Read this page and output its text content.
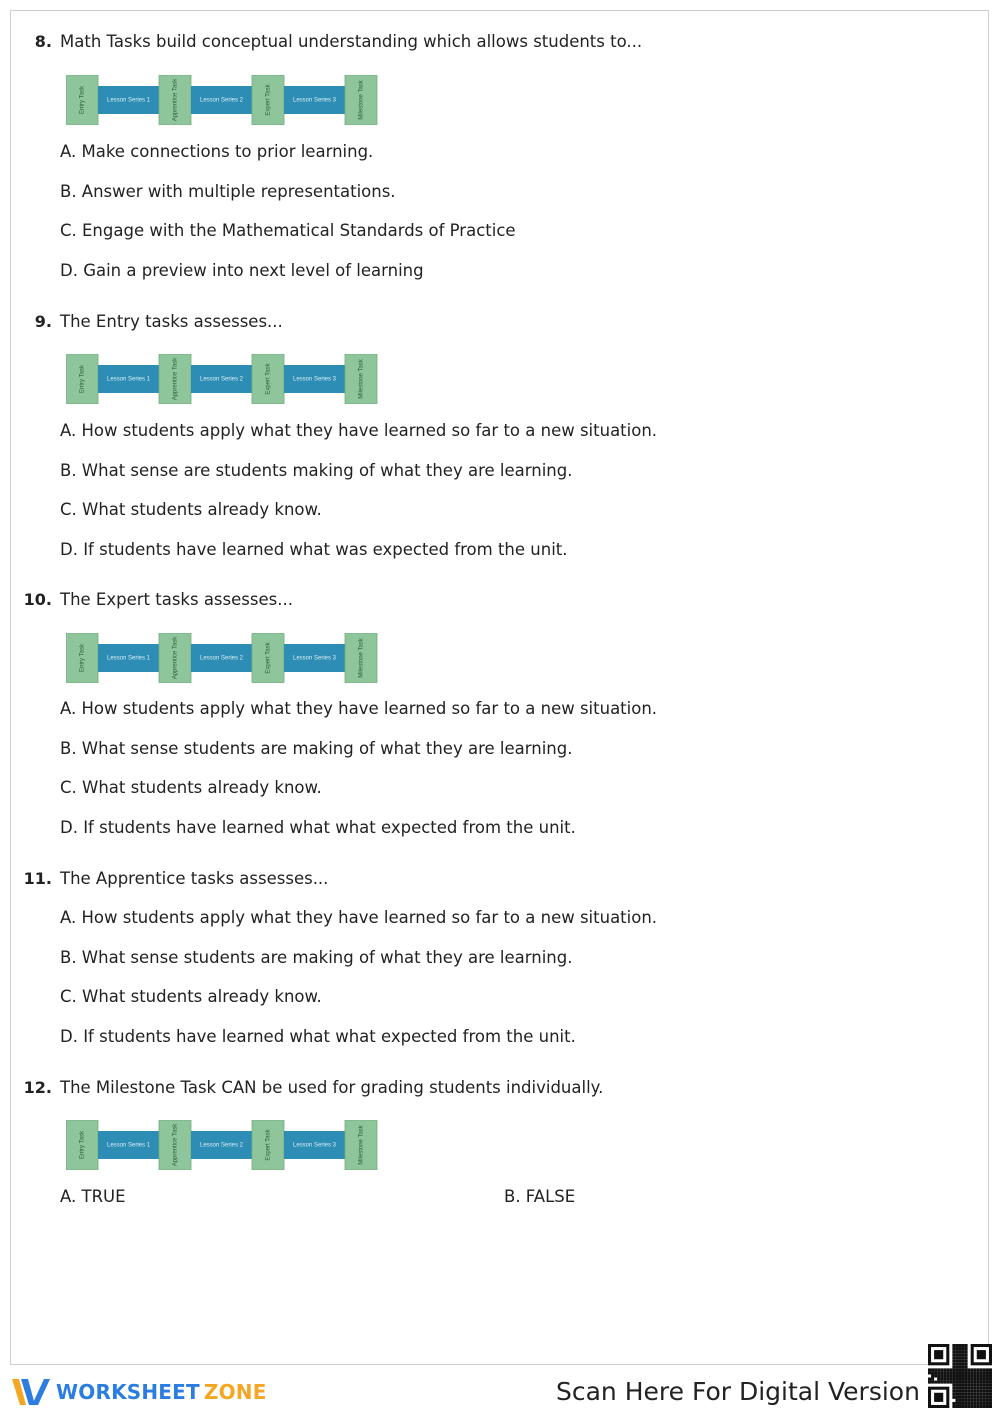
8. Math Tasks build conceptual understanding which allows students to...
Entry Task	Lesson Series 1	Apprentice Task	Lesson Series 2	Expert Task	Lesson Series 3	Milestone Task
A. Make connections to prior learning.
B. Answer with multiple representations.
C. Engage with the Mathematical Standards of Practice
D. Gain a preview into next level of learning
9. The Entry tasks assesses...
Entry Task	Lesson Series 1	Apprentice Task	Lesson Series 2	Expert Task	Lesson Series 3	Milestone Task
A. How students apply what they have learned so far to a new situation.
B. What sense are students making of what they are learning.
C. What students already know.
D. If students have learned what was expected from the unit.
10. The Expert tasks assesses...
Entry Task	Lesson Series 1	Apprentice Task	Lesson Series 2	Expert Task	Lesson Series 3	Milestone Task
A. How students apply what they have learned so far to a new situation.
B. What sense students are making of what they are learning.
C. What students already know.
D. If students have learned what what expected from the unit.
11. The Apprentice tasks assesses...
A. How students apply what they have learned so far to a new situation.
B. What sense students are making of what they are learning.
C. What students already know.
D. If students have learned what what expected from the unit.
12. The Milestone Task CAN be used for grading students individually.
Entry Task	Lesson Series 1	Apprentice Task	Lesson Series 2	Expert Task	Lesson Series 3	Milestone Task
A. TRUE	B. FALSE
WORKSHEET ZONE	Scan Here For Digital Version
